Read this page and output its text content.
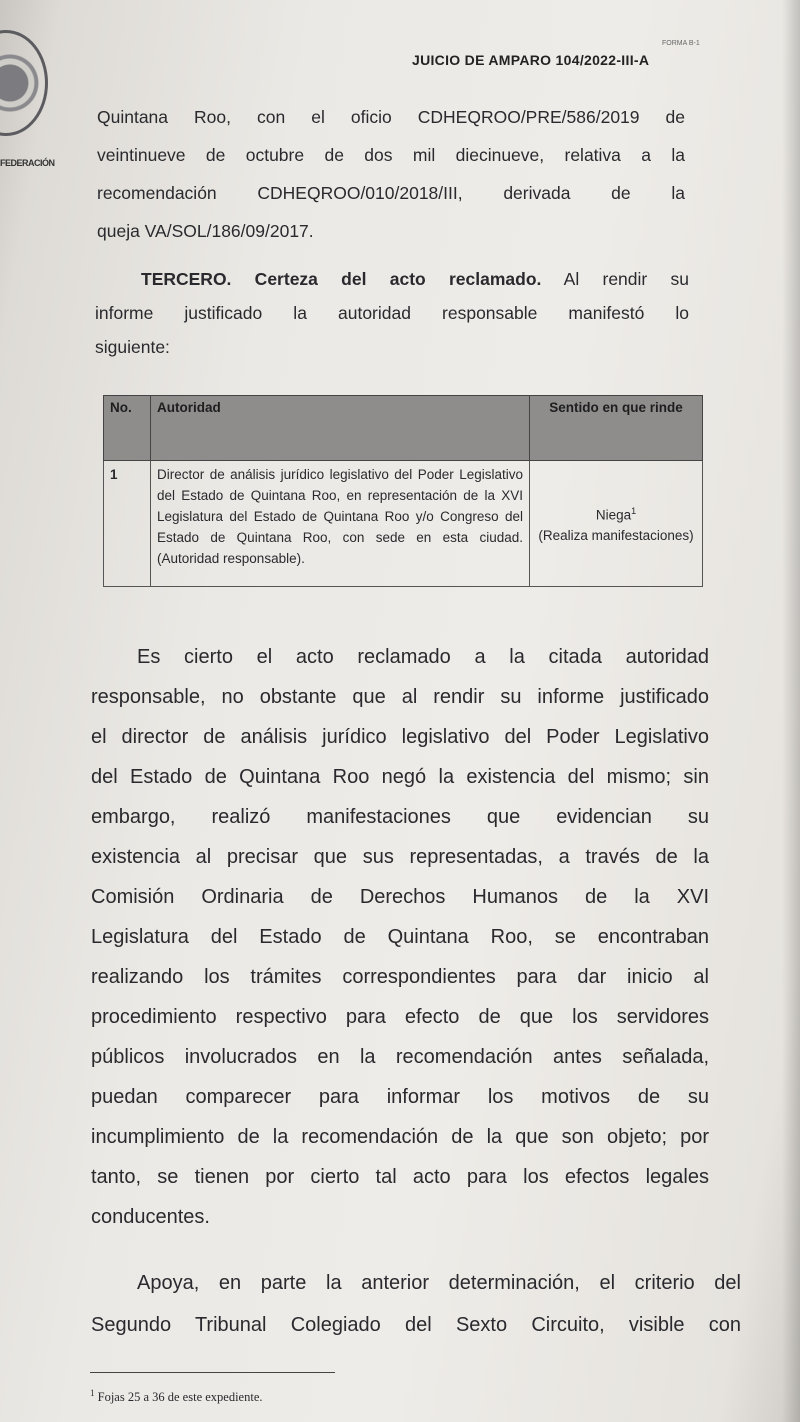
FEDERACIÓN
FORMA B-1
JUICIO DE AMPARO 104/2022-III-A
Quintana Roo, con el oficio CDHEQROO/PRE/586/2019 de
veintinueve de octubre de dos mil diecinueve, relativa a la
recomendación CDHEQROO/010/2018/III, derivada de la
queja VA/SOL/186/09/2017.
TERCERO. Certeza del acto reclamado. Al rendir su
informe justificado la autoridad responsable manifestó lo
siguiente:
No.	Autoridad	Sentido en que rinde
1	Director de análisis jurídico legislativo del Poder Legislativo del Estado de Quintana Roo, en representación de la XVI Legislatura del Estado de Quintana Roo y/o Congreso del Estado de Quintana Roo, con sede en esta ciudad. (Autoridad responsable).	Niega$^1$
(Realiza manifestaciones)
Es cierto el acto reclamado a la citada autoridad
responsable, no obstante que al rendir su informe justificado
el director de análisis jurídico legislativo del Poder Legislativo
del Estado de Quintana Roo negó la existencia del mismo; sin
embargo, realizó manifestaciones que evidencian su
existencia al precisar que sus representadas, a través de la
Comisión Ordinaria de Derechos Humanos de la XVI
Legislatura del Estado de Quintana Roo, se encontraban
realizando los trámites correspondientes para dar inicio al
procedimiento respectivo para efecto de que los servidores
públicos involucrados en la recomendación antes señalada,
puedan comparecer para informar los motivos de su
incumplimiento de la recomendación de la que son objeto; por
tanto, se tienen por cierto tal acto para los efectos legales
conducentes.
Apoya, en parte la anterior determinación, el criterio del
Segundo Tribunal Colegiado del Sexto Circuito, visible con
$^1$ Fojas 25 a 36 de este expediente.
